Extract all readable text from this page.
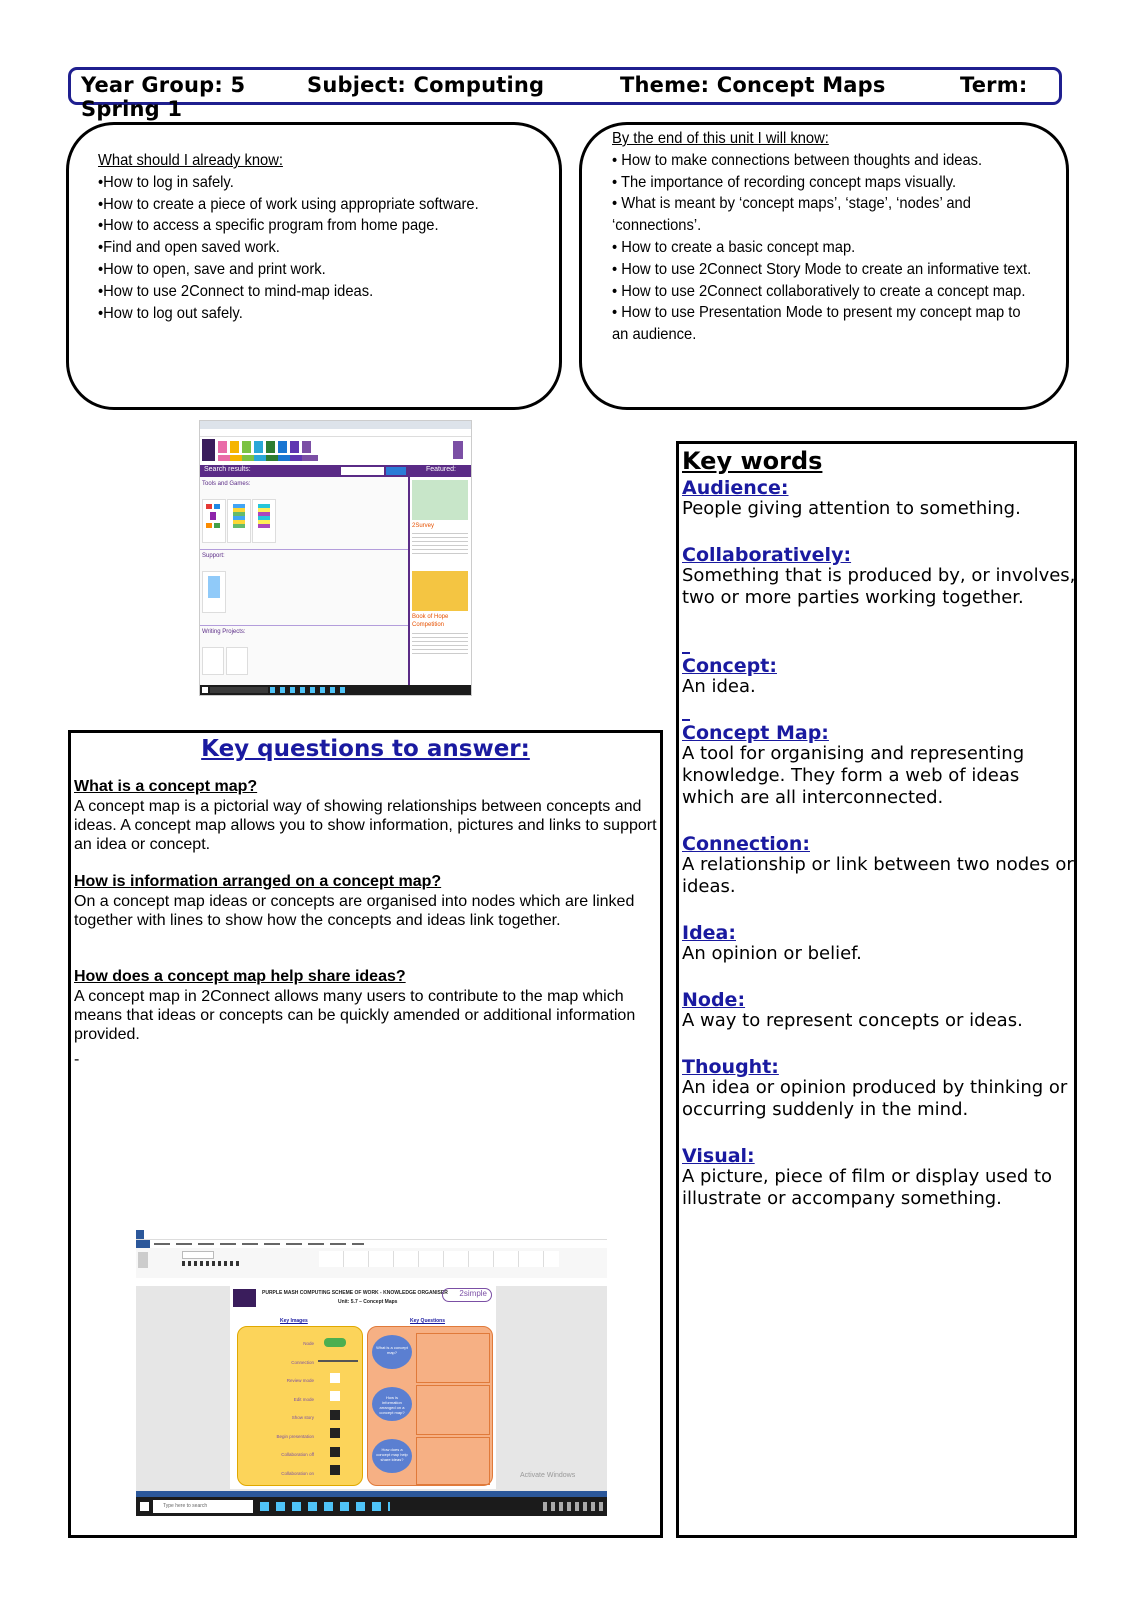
Year Group: 5	Subject: Computing	Theme: Concept Maps	Term:
Spring 1
What should I already know:
•How to log in safely.
•How to create a piece of work using appropriate software.
•How to access a specific program from home page.
•Find and open saved work.
•How to open, save and print work.
•How to use 2Connect to mind-map ideas.
•How to log out safely.
By the end of this unit I will know:
• How to make connections between thoughts and ideas.
• The importance of recording concept maps visually.
• What is meant by ‘concept maps’, ‘stage’, ‘nodes’ and
‘connections’.
• How to create a basic concept map.
• How to use 2Connect Story Mode to create an informative text.
• How to use 2Connect collaboratively to create a concept map.
• How to use Presentation Mode to present my concept map to
an audience.
Search results:	Featured:
Tools and Games:
Support:
Writing Projects:
2Survey
Book of Hope Competition
Key questions to answer:
What is a concept map?
A concept map is a pictorial way of showing relationships between concepts and ideas. A concept map allows you to show information, pictures and links to support an idea or concept.
How is information arranged on a concept map?
On a concept map ideas or concepts are organised into nodes which are linked together with lines to show how the concepts and ideas link together.
How does a concept map help share ideas?
A concept map in 2Connect allows many users to contribute to the map which means that ideas or concepts can be quickly amended or additional information provided.
-
PURPLE MASH COMPUTING SCHEME OF WORK - KNOWLEDGE ORGANISER
Unit: 5.7 – Concept Maps
2simple
Key Images	Key Questions
Node
Connection
Review mode
Edit mode
Show story
Begin presentation
Collaboration off
Collaboration on
What is a concept map?
How is information arranged on a concept map?
How does a concept map help share ideas?
Activate Windows
Type here to search
Key words
Audience:
People giving attention to something.
Collaboratively:
Something that is produced by, or involves, two or more parties working together.
Concept:
An idea.
Concept Map:
A tool for organising and representing knowledge. They form a web of ideas which are all interconnected.
Connection:
A relationship or link between two nodes or ideas.
Idea:
An opinion or belief.
Node:
A way to represent concepts or ideas.
Thought:
An idea or opinion produced by thinking or occurring suddenly in the mind.
Visual:
A picture, piece of film or display used to illustrate or accompany something.
